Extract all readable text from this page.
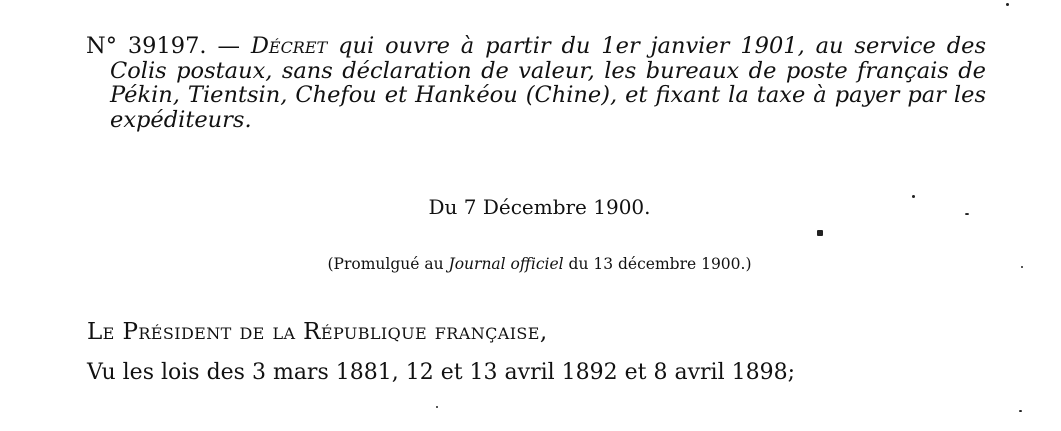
N° 39197. — Décret qui ouvre à partir du 1er janvier 1901, au service des Colis postaux, sans déclaration de valeur, les bureaux de poste français de Pékin, Tientsin, Chefou et Hankéou (Chine), et fixant la taxe à payer par les expéditeurs.
Du 7 Décembre 1900.
(Promulgué au Journal officiel du 13 décembre 1900.)
Le Président de la République française,
Vu les lois des 3 mars 1881, 12 et 13 avril 1892 et 8 avril 1898;
